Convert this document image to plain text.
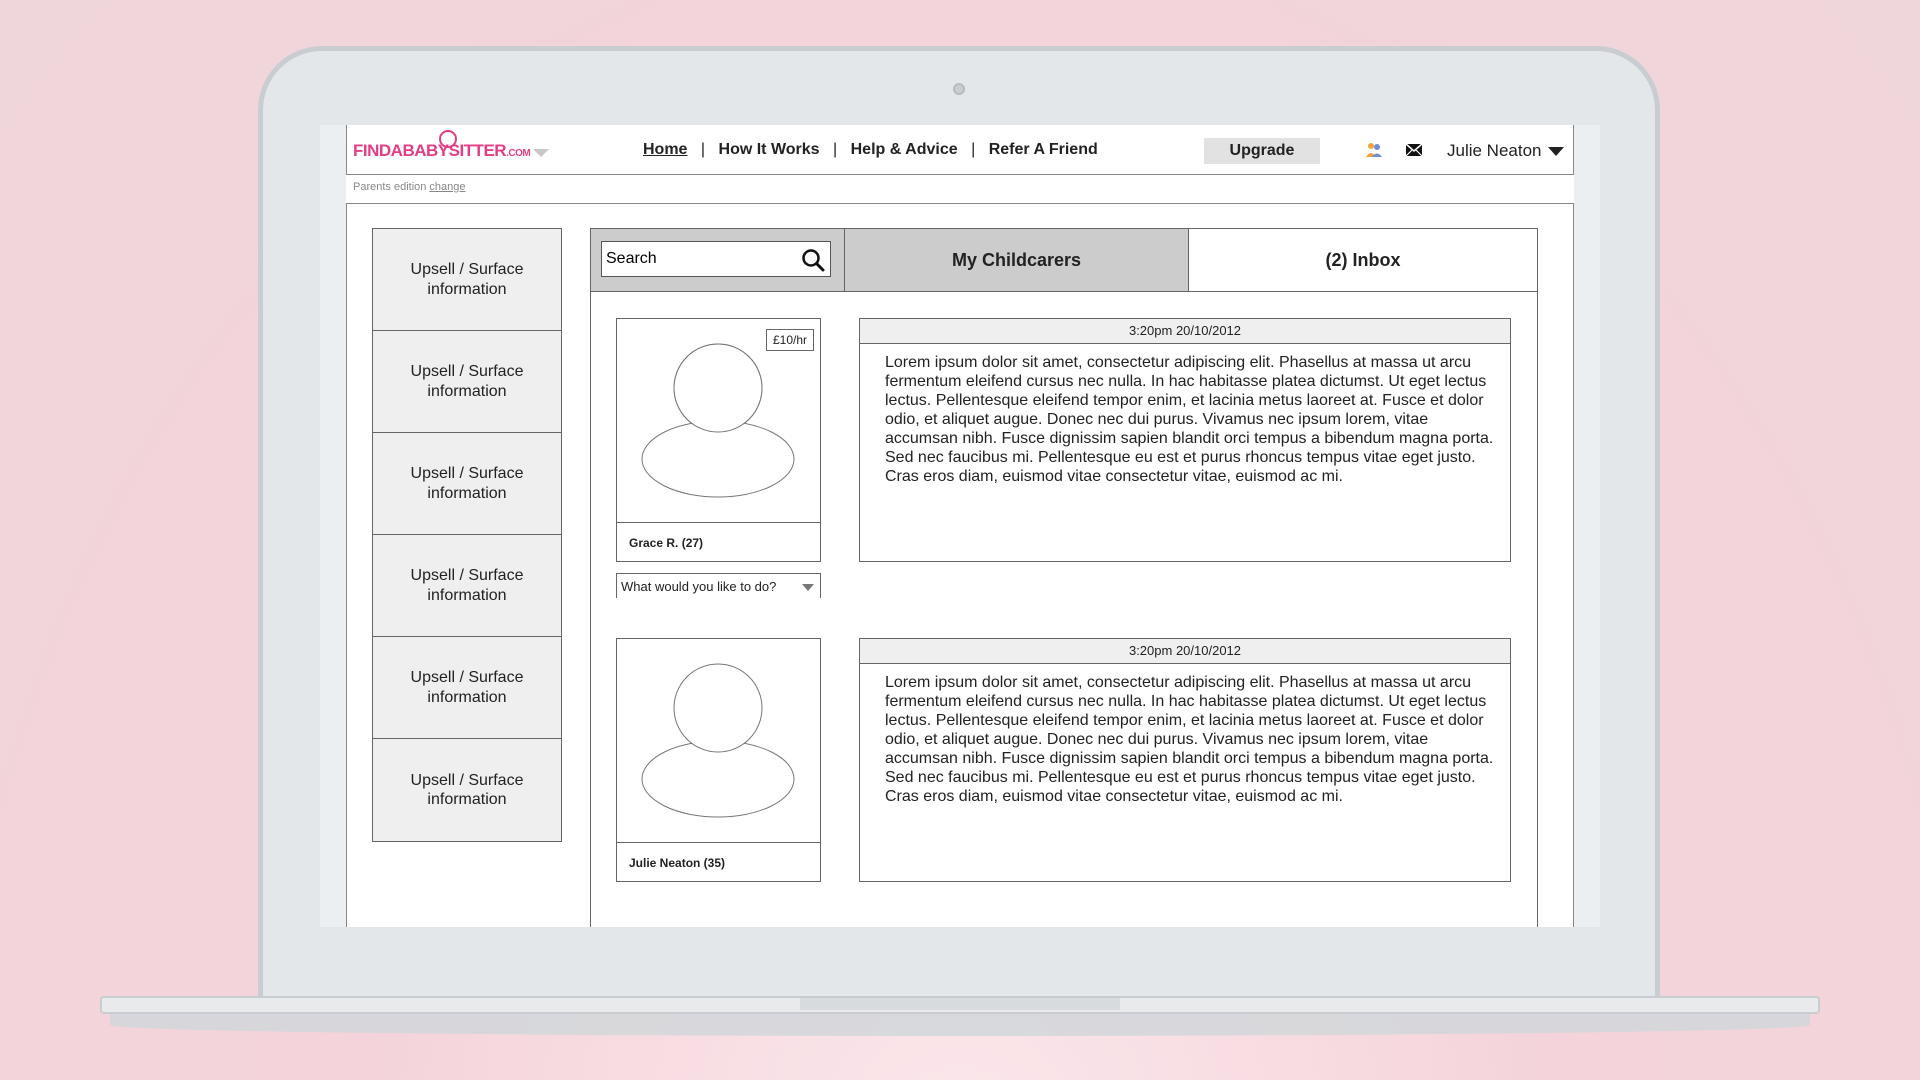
FINDABABYSITTER.COM	Home | How It Works | Help & Advice | Refer A Friend	Upgrade	Julie Neaton
Parents edition change
Upsell / Surface information
Upsell / Surface information
Upsell / Surface information
Upsell / Surface information
Upsell / Surface information
Upsell / Surface information
Search
My Childcarers	(2) Inbox
£10/hr
Grace R. (27)
What would you like to do?
3:20pm 20/10/2012
Lorem ipsum dolor sit amet, consectetur adipiscing elit. Phasellus at massa ut arcu fermentum eleifend cursus nec nulla. In hac habitasse platea dictumst. Ut eget lectus lectus. Pellentesque eleifend tempor enim, et lacinia metus laoreet at. Fusce et dolor odio, et aliquet augue. Donec nec dui purus. Vivamus nec ipsum lorem, vitae accumsan nibh. Fusce dignissim sapien blandit orci tempus a bibendum magna porta. Sed nec faucibus mi. Pellentesque eu est et purus rhoncus tempus vitae eget justo. Cras eros diam, euismod vitae consectetur vitae, euismod ac mi.
Julie Neaton (35)
3:20pm 20/10/2012
Lorem ipsum dolor sit amet, consectetur adipiscing elit. Phasellus at massa ut arcu fermentum eleifend cursus nec nulla. In hac habitasse platea dictumst. Ut eget lectus lectus. Pellentesque eleifend tempor enim, et lacinia metus laoreet at. Fusce et dolor odio, et aliquet augue. Donec nec dui purus. Vivamus nec ipsum lorem, vitae accumsan nibh. Fusce dignissim sapien blandit orci tempus a bibendum magna porta. Sed nec faucibus mi. Pellentesque eu est et purus rhoncus tempus vitae eget justo. Cras eros diam, euismod vitae consectetur vitae, euismod ac mi.
